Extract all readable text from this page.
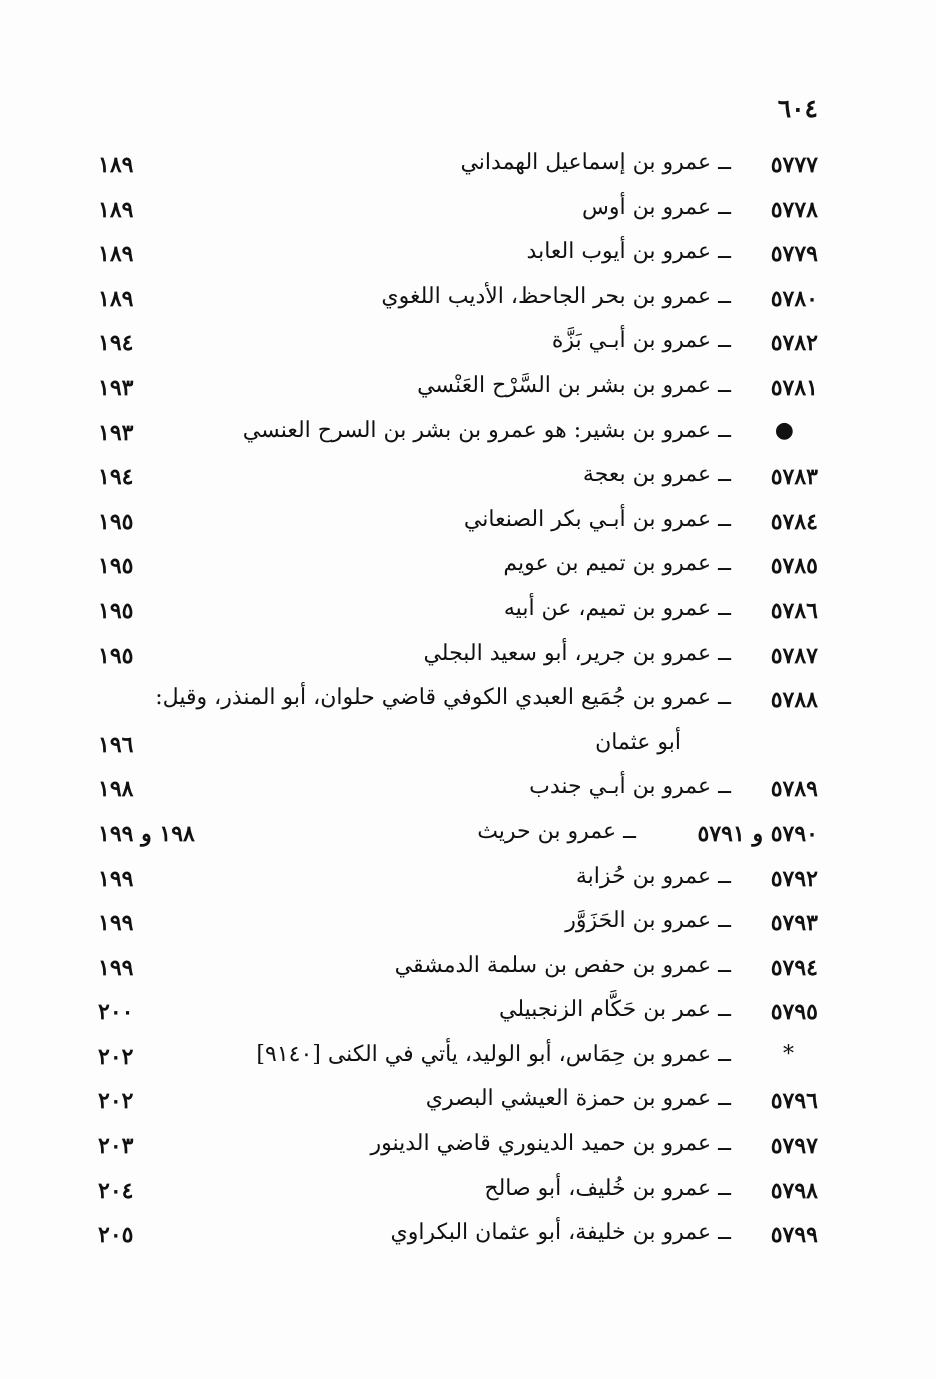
٦٠٤
٥٧٧٧
ــ عمرو بن إسماعيل الهمداني
١٨٩
٥٧٧٨
ــ عمرو بن أوس
١٨٩
٥٧٧٩
ــ عمرو بن أيوب العابد
١٨٩
٥٧٨٠
ــ عمرو بن بحر الجاحظ، الأديب اللغوي
١٨٩
٥٧٨٢
ــ عمرو بن أبـي بَزَّة
١٩٤
٥٧٨١
ــ عمرو بن بشر بن السَّرْح العَنْسي
١٩٣
●
ــ عمرو بن بشير: هو عمرو بن بشر بن السرح العنسي
١٩٣
٥٧٨٣
ــ عمرو بن بعجة
١٩٤
٥٧٨٤
ــ عمرو بن أبـي بكر الصنعاني
١٩٥
٥٧٨٥
ــ عمرو بن تميم بن عويم
١٩٥
٥٧٨٦
ــ عمرو بن تميم، عن أبيه
١٩٥
٥٧٨٧
ــ عمرو بن جرير، أبو سعيد البجلي
١٩٥
٥٧٨٨
ــ عمرو بن جُمَيع العبدي الكوفي قاضي حلوان، أبو المنذر، وقيل:
أبو عثمان
١٩٦
٥٧٨٩
ــ عمرو بن أبـي جندب
١٩٨
٥٧٩٠ و ٥٧٩١
ــ عمرو بن حريث
١٩٨ و ١٩٩
٥٧٩٢
ــ عمرو بن حُزابة
١٩٩
٥٧٩٣
ــ عمرو بن الحَزَوَّر
١٩٩
٥٧٩٤
ــ عمرو بن حفص بن سلمة الدمشقي
١٩٩
٥٧٩٥
ــ عمر بن حَكَّام الزنجبيلي
٢٠٠
*
ــ عمرو بن حِمَاس، أبو الوليد، يأتي في الكنى [٩١٤٠]
٢٠٢
٥٧٩٦
ــ عمرو بن حمزة العيشي البصري
٢٠٢
٥٧٩٧
ــ عمرو بن حميد الدينوري قاضي الدينور
٢٠٣
٥٧٩٨
ــ عمرو بن خُليف، أبو صالح
٢٠٤
٥٧٩٩
ــ عمرو بن خليفة، أبو عثمان البكراوي
٢٠٥
